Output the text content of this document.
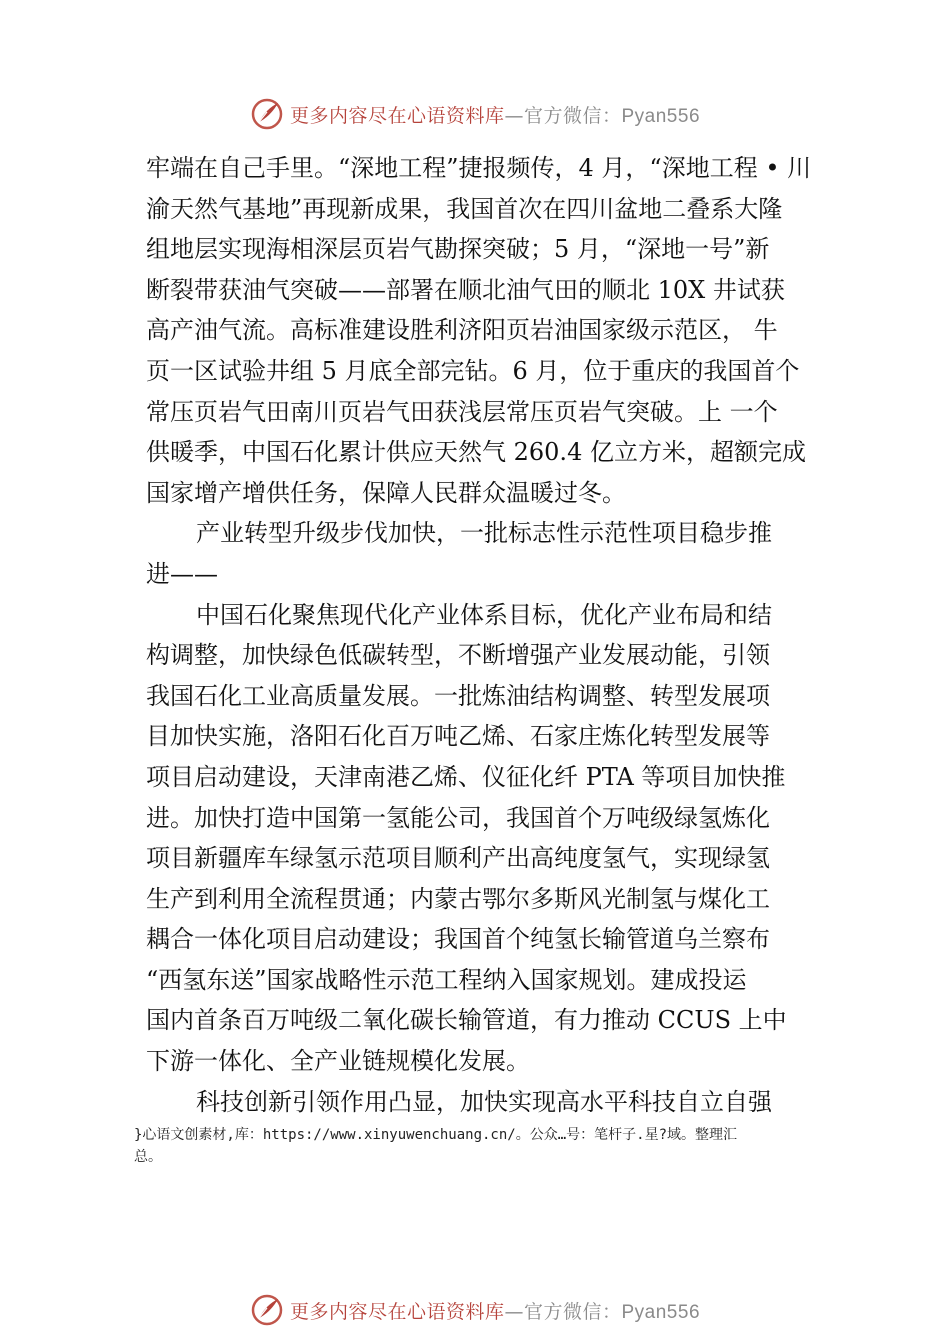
更多内容尽在心语资料库—官方微信：Pyan556
牢端在自己手里。“深地工程”捷报频传，4 月，“深地工程 • 川
渝天然气基地”再现新成果，我国首次在四川盆地二叠系大隆
组地层实现海相深层页岩气勘探突破；5 月，“深地一号”新
断裂带获油气突破——部署在顺北油气田的顺北 10X 井试获
高产油气流。高标准建设胜利济阳页岩油国家级示范区， 牛
页一区试验井组 5 月底全部完钻。6 月，位于重庆的我国首个
常压页岩气田南川页岩气田获浅层常压页岩气突破。上 一个
供暖季，中国石化累计供应天然气 260.4 亿立方米，超额完成
国家增产增供任务，保障人民群众温暖过冬。
产业转型升级步伐加快，一批标志性示范性项目稳步推
进——
中国石化聚焦现代化产业体系目标，优化产业布局和结
构调整，加快绿色低碳转型，不断增强产业发展动能，引领
我国石化工业高质量发展。一批炼油结构调整、转型发展项
目加快实施，洛阳石化百万吨乙烯、石家庄炼化转型发展等
项目启动建设，天津南港乙烯、仪征化纤 PTA 等项目加快推
进。加快打造中国第一氢能公司，我国首个万吨级绿氢炼化
项目新疆库车绿氢示范项目顺利产出高纯度氢气，实现绿氢
生产到利用全流程贯通；内蒙古鄂尔多斯风光制氢与煤化工
耦合一体化项目启动建设；我国首个纯氢长输管道乌兰察布
“西氢东送”国家战略性示范工程纳入国家规划。建成投运
国内首条百万吨级二氧化碳长输管道，有力推动 CCUS 上中
下游一体化、全产业链规模化发展。
科技创新引领作用凸显，加快实现高水平科技自立自强
}心语文创素材,库：https://www.xinyuwenchuang.cn/。公众…号：笔杆子.星?域。整理汇
总。
更多内容尽在心语资料库—官方微信：Pyan556
